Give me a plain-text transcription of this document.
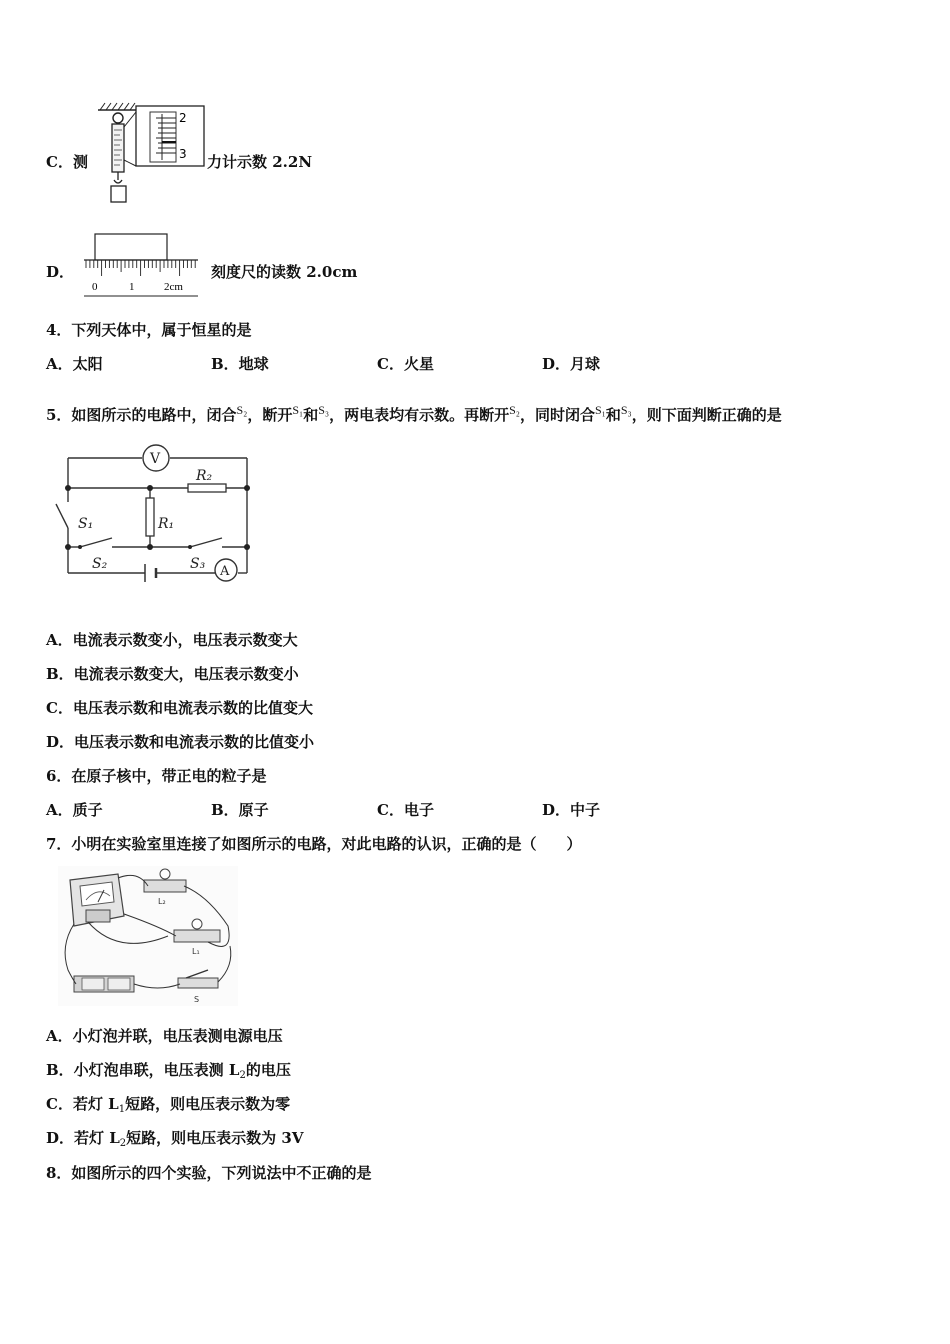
C．测
2
3 力计示数 2.2N
D．
0	1	2cm
刻度尺的读数 2.0cm
4．下列天体中，属于恒星的是
A．太阳	B．地球	C．火星	D．月球
5．如图所示的电路中，闭合$^{S_2}$，断开$^{S_1}$和$^{S_3}$，两电表均有示数。再断开$^{S_2}$，同时闭合$^{S_1}$和$^{S_3}$，则下面判断正确的是
V
A
R₂
R₁
S₁
S₂	S₃
A．电流表示数变小，电压表示数变大
B．电流表示数变大，电压表示数变小
C．电压表示数和电流表示数的比值变大
D．电压表示数和电流表示数的比值变小
6．在原子核中，带正电的粒子是
A．质子	B．原子	C．电子	D．中子
7．小明在实验室里连接了如图所示的电路，对此电路的认识，正确的是（　　）
L₂
L₁
S
A．小灯泡并联，电压表测电源电压
B．小灯泡串联，电压表测 $L_2$的电压
C．若灯 $L_1$短路，则电压表示数为零
D．若灯 $L_2$短路，则电压表示数为 3V
8．如图所示的四个实验，下列说法中不正确的是
